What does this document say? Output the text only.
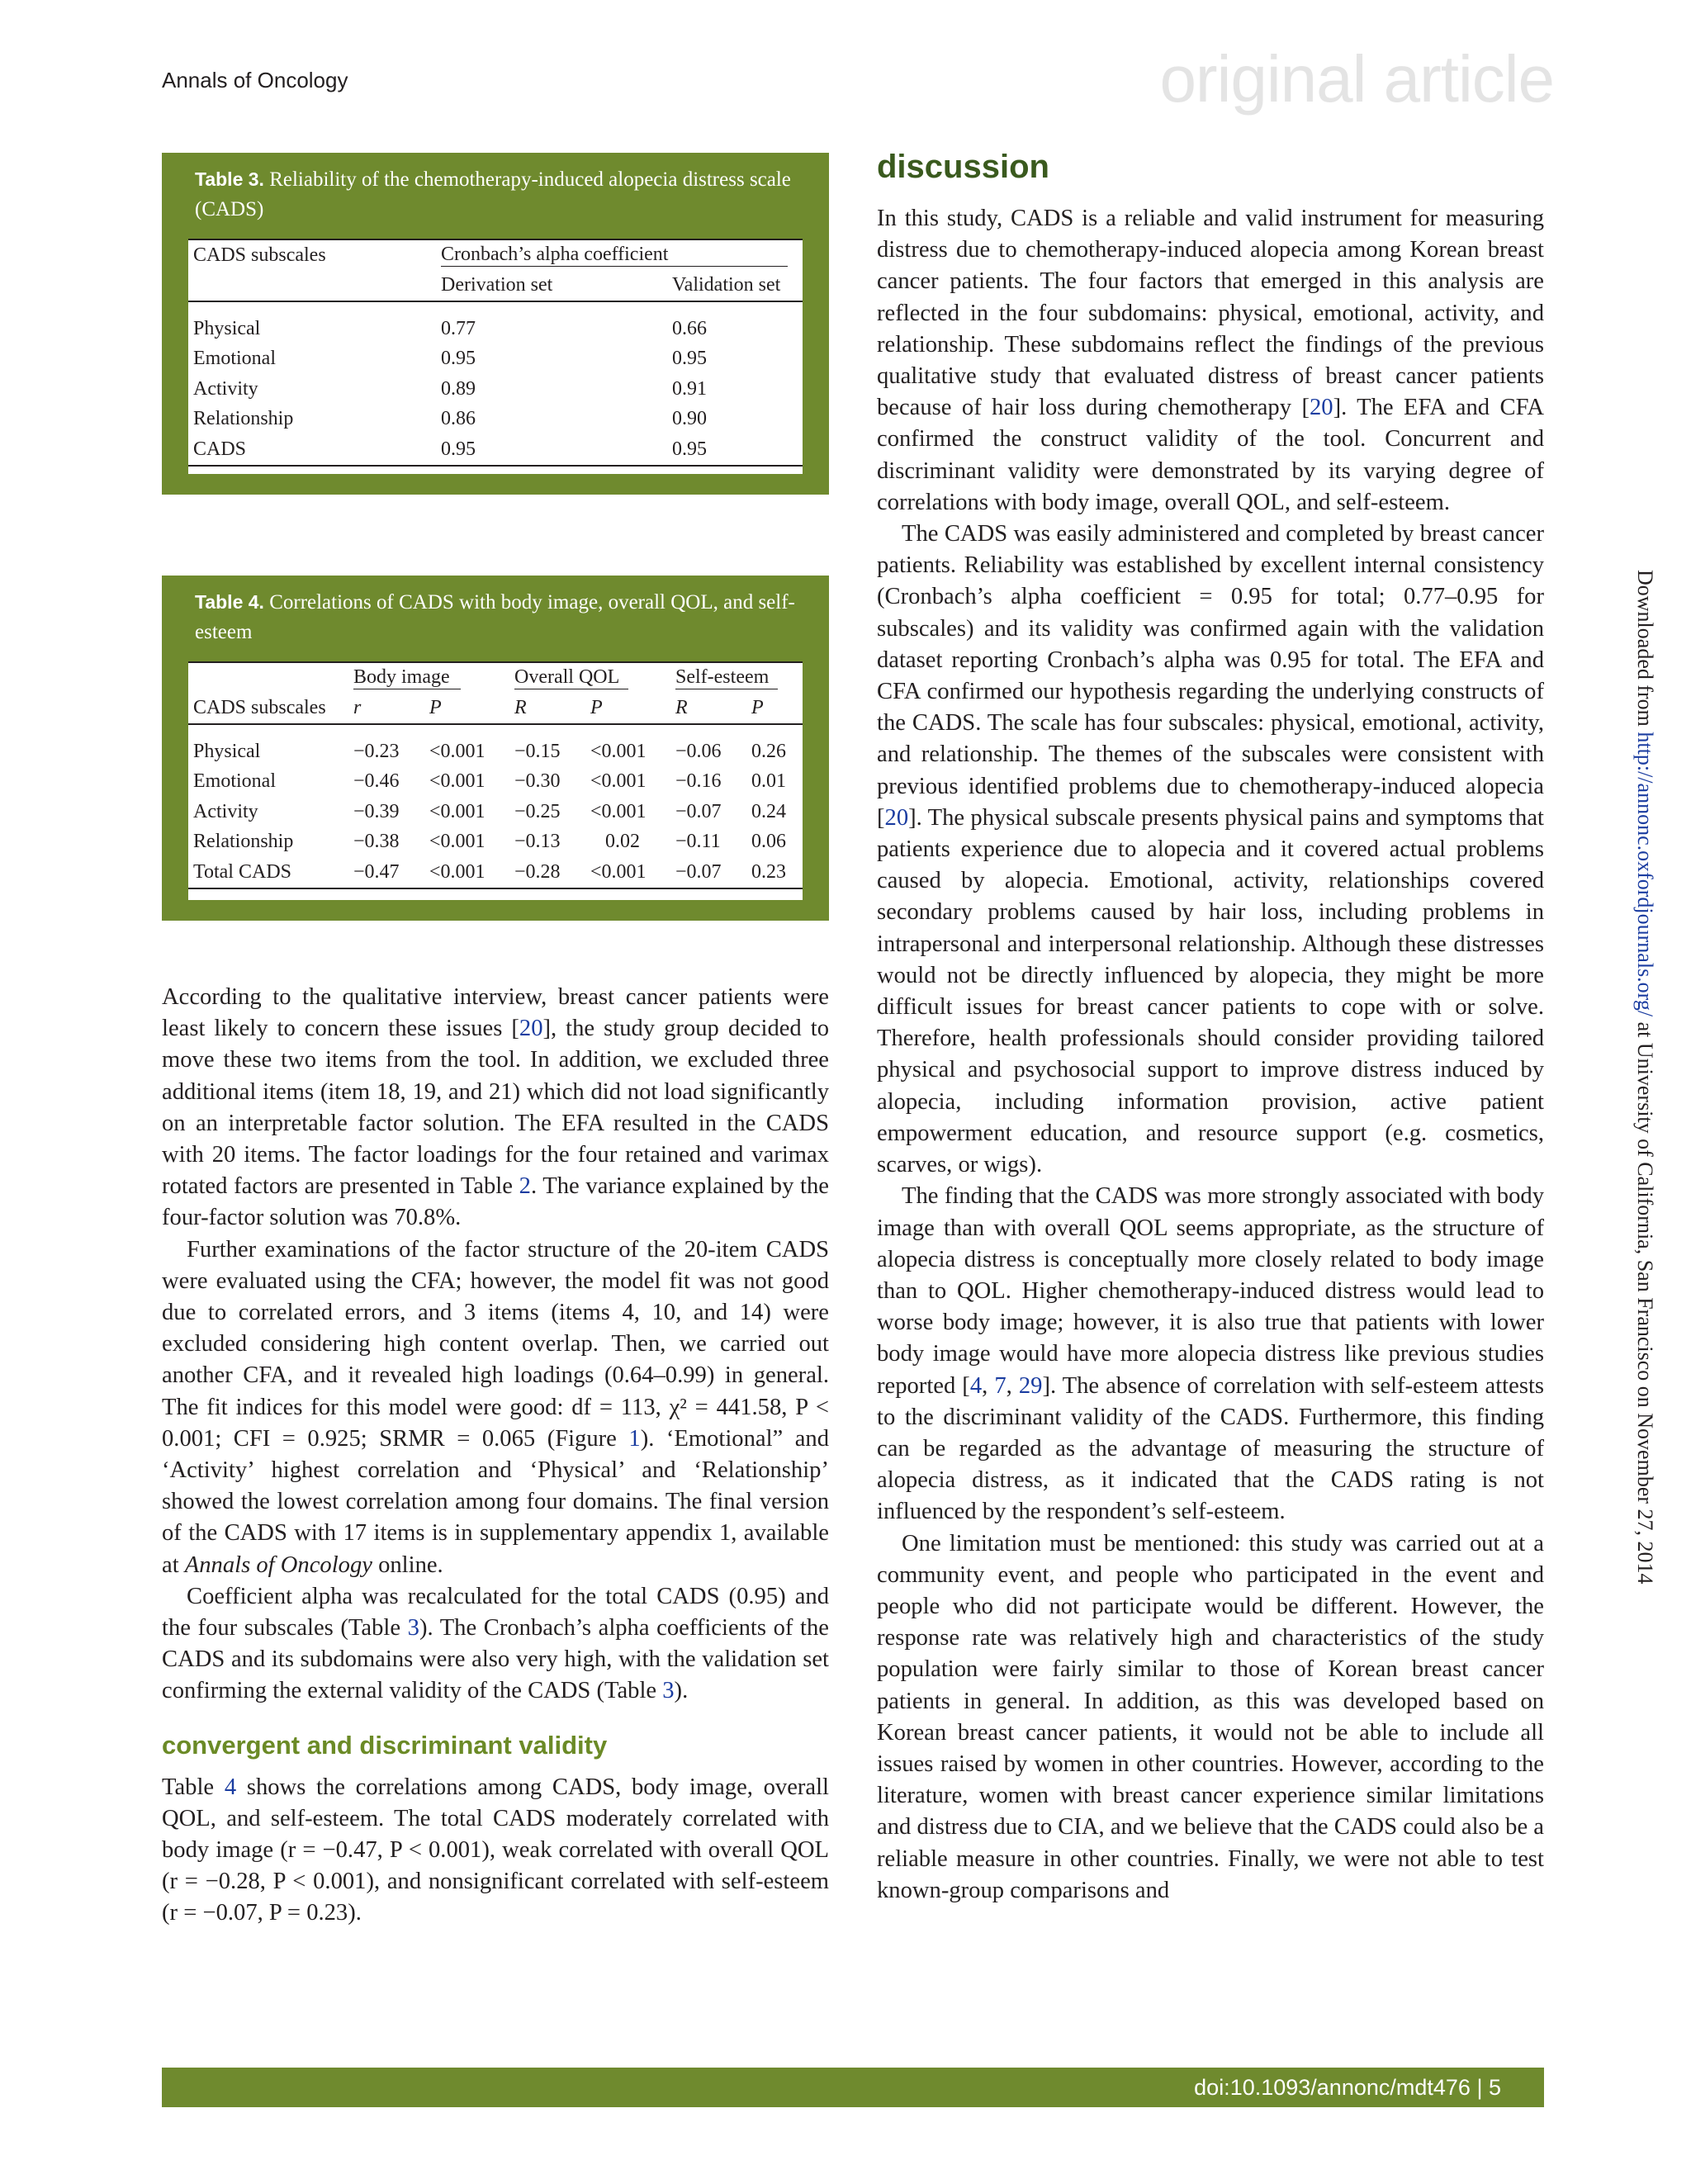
Annals of Oncology	original article
Table 3. Reliability of the chemotherapy-induced alopecia distress scale (CADS)
CADS subscales	Cronbach’s alpha coefficient	
	Derivation set	Validation set

Physical	0.77	0.66
Emotional	0.95	0.95
Activity	0.89	0.91
Relationship	0.86	0.90
CADS	0.95	0.95
Table 4. Correlations of CADS with body image, overall QOL, and self-esteem
	Body image		Overall QOL		Self-esteem	
CADS subscales	r	P	R	P	R	P

Physical	−0.23	<0.001	−0.15	<0.001	−0.06	0.26
Emotional	−0.46	<0.001	−0.30	<0.001	−0.16	0.01
Activity	−0.39	<0.001	−0.25	<0.001	−0.07	0.24
Relationship	−0.38	<0.001	−0.13	0.02	−0.11	0.06
Total CADS	−0.47	<0.001	−0.28	<0.001	−0.07	0.23

According to the qualitative interview, breast cancer patients were least likely to concern these issues [20], the study group decided to move these two items from the tool. In addition, we excluded three additional items (item 18, 19, and 21) which did not load significantly on an interpretable factor solution. The EFA resulted in the CADS with 20 items. The factor loadings for the four retained and varimax rotated factors are presented in Table 2. The variance explained by the four-factor solution was 70.8%.

Further examinations of the factor structure of the 20-item CADS were evaluated using the CFA; however, the model fit was not good due to correlated errors, and 3 items (items 4, 10, and 14) were excluded considering high content overlap. Then, we carried out another CFA, and it revealed high loadings (0.64–0.99) in general. The fit indices for this model were good: df = 113, χ² = 441.58, P < 0.001; CFI = 0.925; SRMR = 0.065 (Figure 1). ‘Emotional” and ‘Activity’ highest correlation and ‘Physical’ and ‘Relationship’ showed the lowest correlation among four domains. The final version of the CADS with 17 items is in supplementary appendix 1, available at Annals of Oncology online.

Coefficient alpha was recalculated for the total CADS (0.95) and the four subscales (Table 3). The Cronbach’s alpha coefficients of the CADS and its subdomains were also very high, with the validation set confirming the external validity of the CADS (Table 3).

convergent and discriminant validity

Table 4 shows the correlations among CADS, body image, overall QOL, and self-esteem. The total CADS moderately correlated with body image (r = −0.47, P < 0.001), weak correlated with overall QOL (r = −0.28, P < 0.001), and nonsignificant correlated with self-esteem (r = −0.07, P = 0.23).

discussion

In this study, CADS is a reliable and valid instrument for measuring distress due to chemotherapy-induced alopecia among Korean breast cancer patients. The four factors that emerged in this analysis are reflected in the four subdomains: physical, emotional, activity, and relationship. These subdomains reflect the findings of the previous qualitative study that evaluated distress of breast cancer patients because of hair loss during chemotherapy [20]. The EFA and CFA confirmed the construct validity of the tool. Concurrent and discriminant validity were demonstrated by its varying degree of correlations with body image, overall QOL, and self-esteem.

The CADS was easily administered and completed by breast cancer patients. Reliability was established by excellent internal consistency (Cronbach’s alpha coefficient = 0.95 for total; 0.77–0.95 for subscales) and its validity was confirmed again with the validation dataset reporting Cronbach’s alpha was 0.95 for total. The EFA and CFA confirmed our hypothesis regarding the underlying constructs of the CADS. The scale has four subscales: physical, emotional, activity, and relationship. The themes of the subscales were consistent with previous identified problems due to chemotherapy-induced alopecia [20]. The physical subscale presents physical pains and symptoms that patients experience due to alopecia and it covered actual problems caused by alopecia. Emotional, activity, relationships covered secondary problems caused by hair loss, including problems in intrapersonal and interpersonal relationship. Although these distresses would not be directly influenced by alopecia, they might be more difficult issues for breast cancer patients to cope with or solve. Therefore, health professionals should consider providing tailored physical and psychosocial support to improve distress induced by alopecia, including information provision, active patient empowerment education, and resource support (e.g. cosmetics, scarves, or wigs).

The finding that the CADS was more strongly associated with body image than with overall QOL seems appropriate, as the structure of alopecia distress is conceptually more closely related to body image than to QOL. Higher chemotherapy-induced distress would lead to worse body image; however, it is also true that patients with lower body image would have more alopecia distress like previous studies reported [4, 7, 29]. The absence of correlation with self-esteem attests to the discriminant validity of the CADS. Furthermore, this finding can be regarded as the advantage of measuring the structure of alopecia distress, as it indicated that the CADS rating is not influenced by the respondent’s self-esteem.

One limitation must be mentioned: this study was carried out at a community event, and people who participated in the event and people who did not participate would be different. However, the response rate was relatively high and characteristics of the study population were fairly similar to those of Korean breast cancer patients in general. In addition, as this was developed based on Korean breast cancer patients, it would not be able to include all issues raised by women in other countries. However, according to the literature, women with breast cancer experience similar limitations and distress due to CIA, and we believe that the CADS could also be a reliable measure in other countries. Finally, we were not able to test known-group comparisons and

Downloaded from http://annonc.oxfordjournals.org/ at University of California, San Francisco on November 27, 2014
doi:10.1093/annonc/mdt476 | 5
